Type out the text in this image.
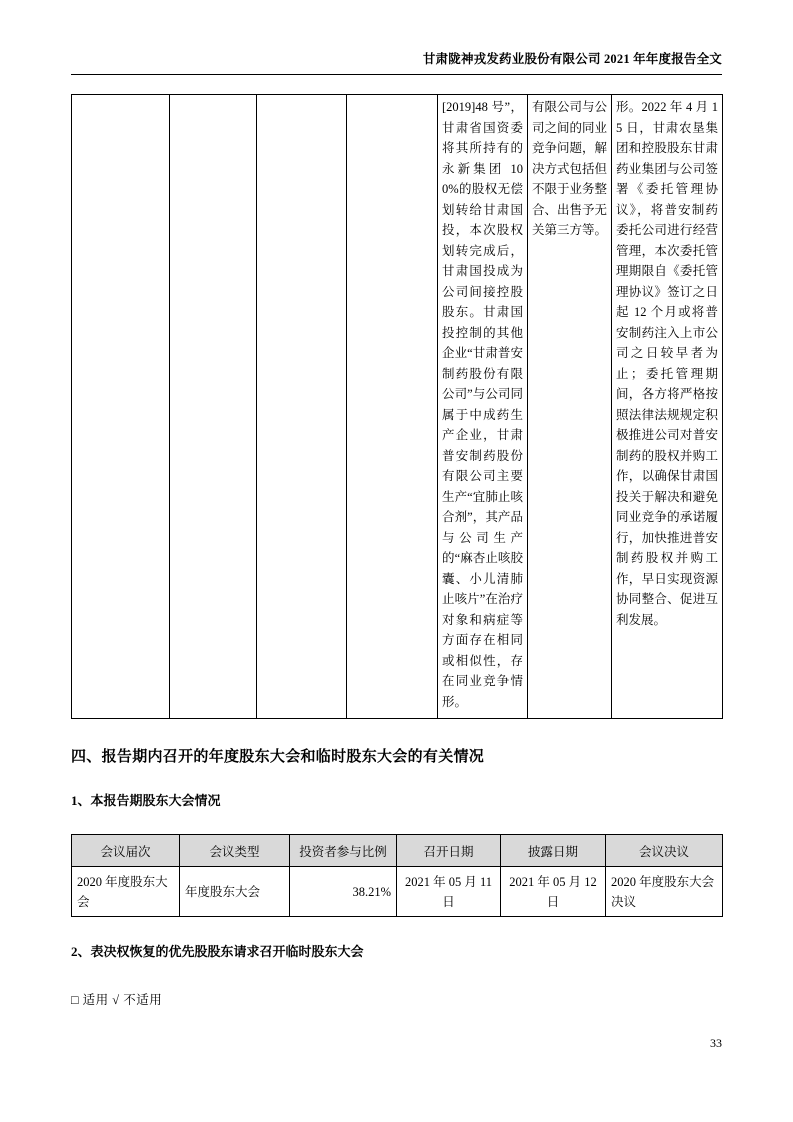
甘肃陇神戎发药业股份有限公司 2021 年年度报告全文
				[2019]48 号”，甘肃省国资委将其所持有的永新集团 100%的股权无偿划转给甘肃国投，本次股权划转完成后，甘肃国投成为公司间接控股股东。甘肃国投控制的其他企业“甘肃普安制药股份有限公司”与公司同属于中成药生产企业，甘肃普安制药股份有限公司主要生产“宜肺止咳合剂”，其产品与公司生产的“麻杏止咳胶囊、小儿清肺止咳片”在治疗对象和病症等方面存在相同或相似性，存在同业竞争情形。	有限公司与公司之间的同业竞争问题，解决方式包括但不限于业务整合、出售予无关第三方等。	形。2022 年 4 月 15 日，甘肃农垦集团和控股股东甘肃药业集团与公司签署《委托管理协议》，将普安制药委托公司进行经营管理，本次委托管理期限自《委托管理协议》签订之日起 12 个月或将普安制药注入上市公司之日较早者为止；委托管理期间，各方将严格按照法律法规规定积极推进公司对普安制药的股权并购工作，以确保甘肃国投关于解决和避免同业竞争的承诺履行，加快推进普安制药股权并购工作，早日实现资源协同整合、促进互利发展。
四、报告期内召开的年度股东大会和临时股东大会的有关情况
1、本报告期股东大会情况
会议届次	会议类型	投资者参与比例	召开日期	披露日期	会议决议
2020 年度股东大会	年度股东大会	38.21%	2021 年 05 月 11 日	2021 年 05 月 12 日	2020 年度股东大会决议
2、表决权恢复的优先股股东请求召开临时股东大会
□ 适用 √ 不适用
33
